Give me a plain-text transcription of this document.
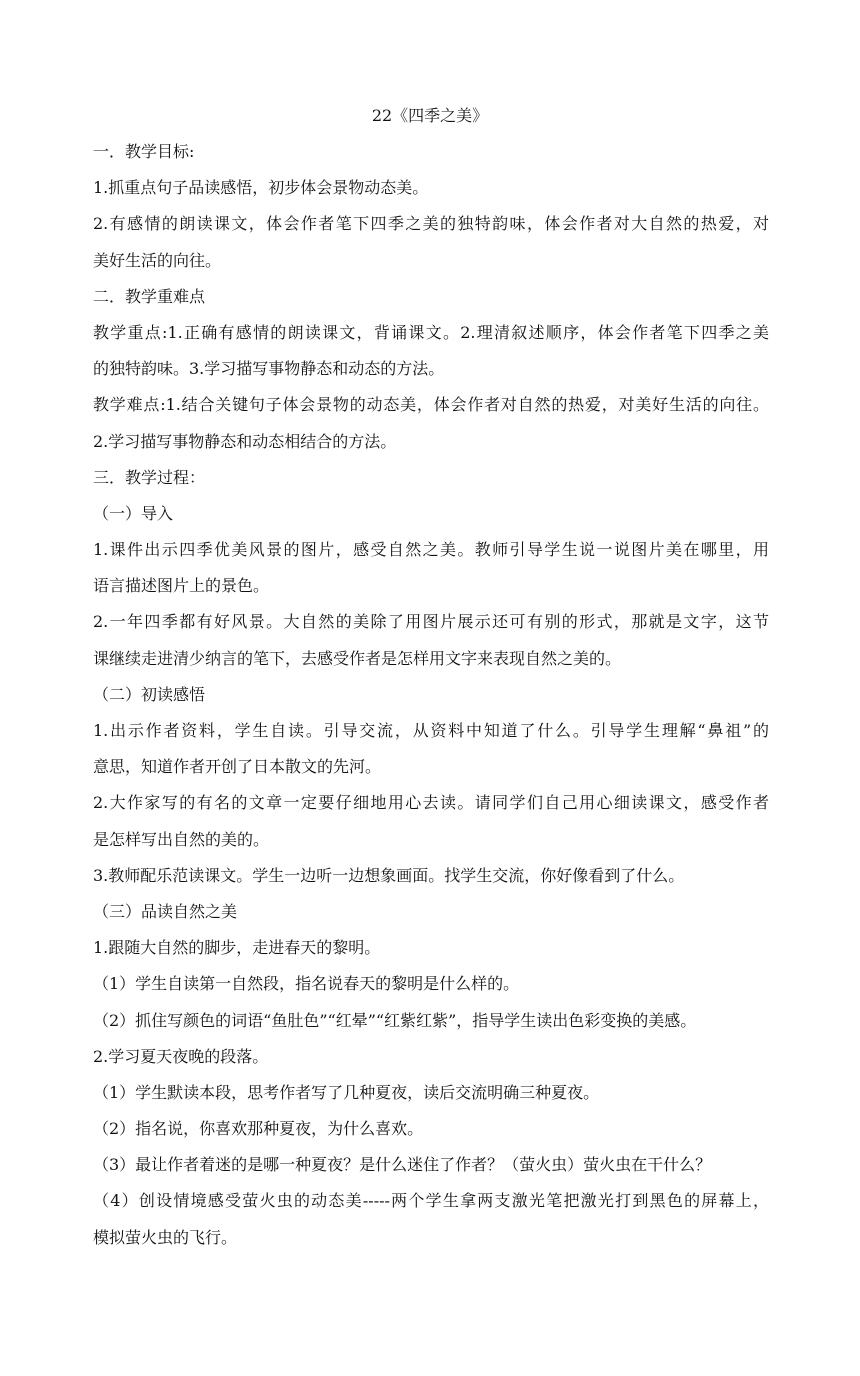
22《四季之美》
一．教学目标:
1.抓重点句子品读感悟，初步体会景物动态美。
2.有感情的朗读课文，体会作者笔下四季之美的独特韵味，体会作者对大自然的热爱，对
美好生活的向往。
二．教学重难点
教学重点:1.正确有感情的朗读课文，背诵课文。2.理清叙述顺序，体会作者笔下四季之美
的独特韵味。3.学习描写事物静态和动态的方法。
教学难点:1.结合关键句子体会景物的动态美，体会作者对自然的热爱，对美好生活的向往。
2.学习描写事物静态和动态相结合的方法。
三．教学过程：
（一）导入
1.课件出示四季优美风景的图片，感受自然之美。教师引导学生说一说图片美在哪里，用
语言描述图片上的景色。
2.一年四季都有好风景。大自然的美除了用图片展示还可有别的形式，那就是文字，这节
课继续走进清少纳言的笔下，去感受作者是怎样用文字来表现自然之美的。
（二）初读感悟
1.出示作者资料，学生自读。引导交流，从资料中知道了什么。引导学生理解“鼻祖”的
意思，知道作者开创了日本散文的先河。
2.大作家写的有名的文章一定要仔细地用心去读。请同学们自己用心细读课文，感受作者
是怎样写出自然的美的。
3.教师配乐范读课文。学生一边听一边想象画面。找学生交流，你好像看到了什么。
（三）品读自然之美
1.跟随大自然的脚步，走进春天的黎明。
（1）学生自读第一自然段，指名说春天的黎明是什么样的。
（2）抓住写颜色的词语“鱼肚色”“红晕”“红紫红紫”，指导学生读出色彩变换的美感。
2.学习夏天夜晚的段落。
（1）学生默读本段，思考作者写了几种夏夜，读后交流明确三种夏夜。
（2）指名说，你喜欢那种夏夜，为什么喜欢。
（3）最让作者着迷的是哪一种夏夜？是什么迷住了作者？（萤火虫）萤火虫在干什么？
（4）创设情境感受萤火虫的动态美-----两个学生拿两支激光笔把激光打到黑色的屏幕上，
模拟萤火虫的飞行。
